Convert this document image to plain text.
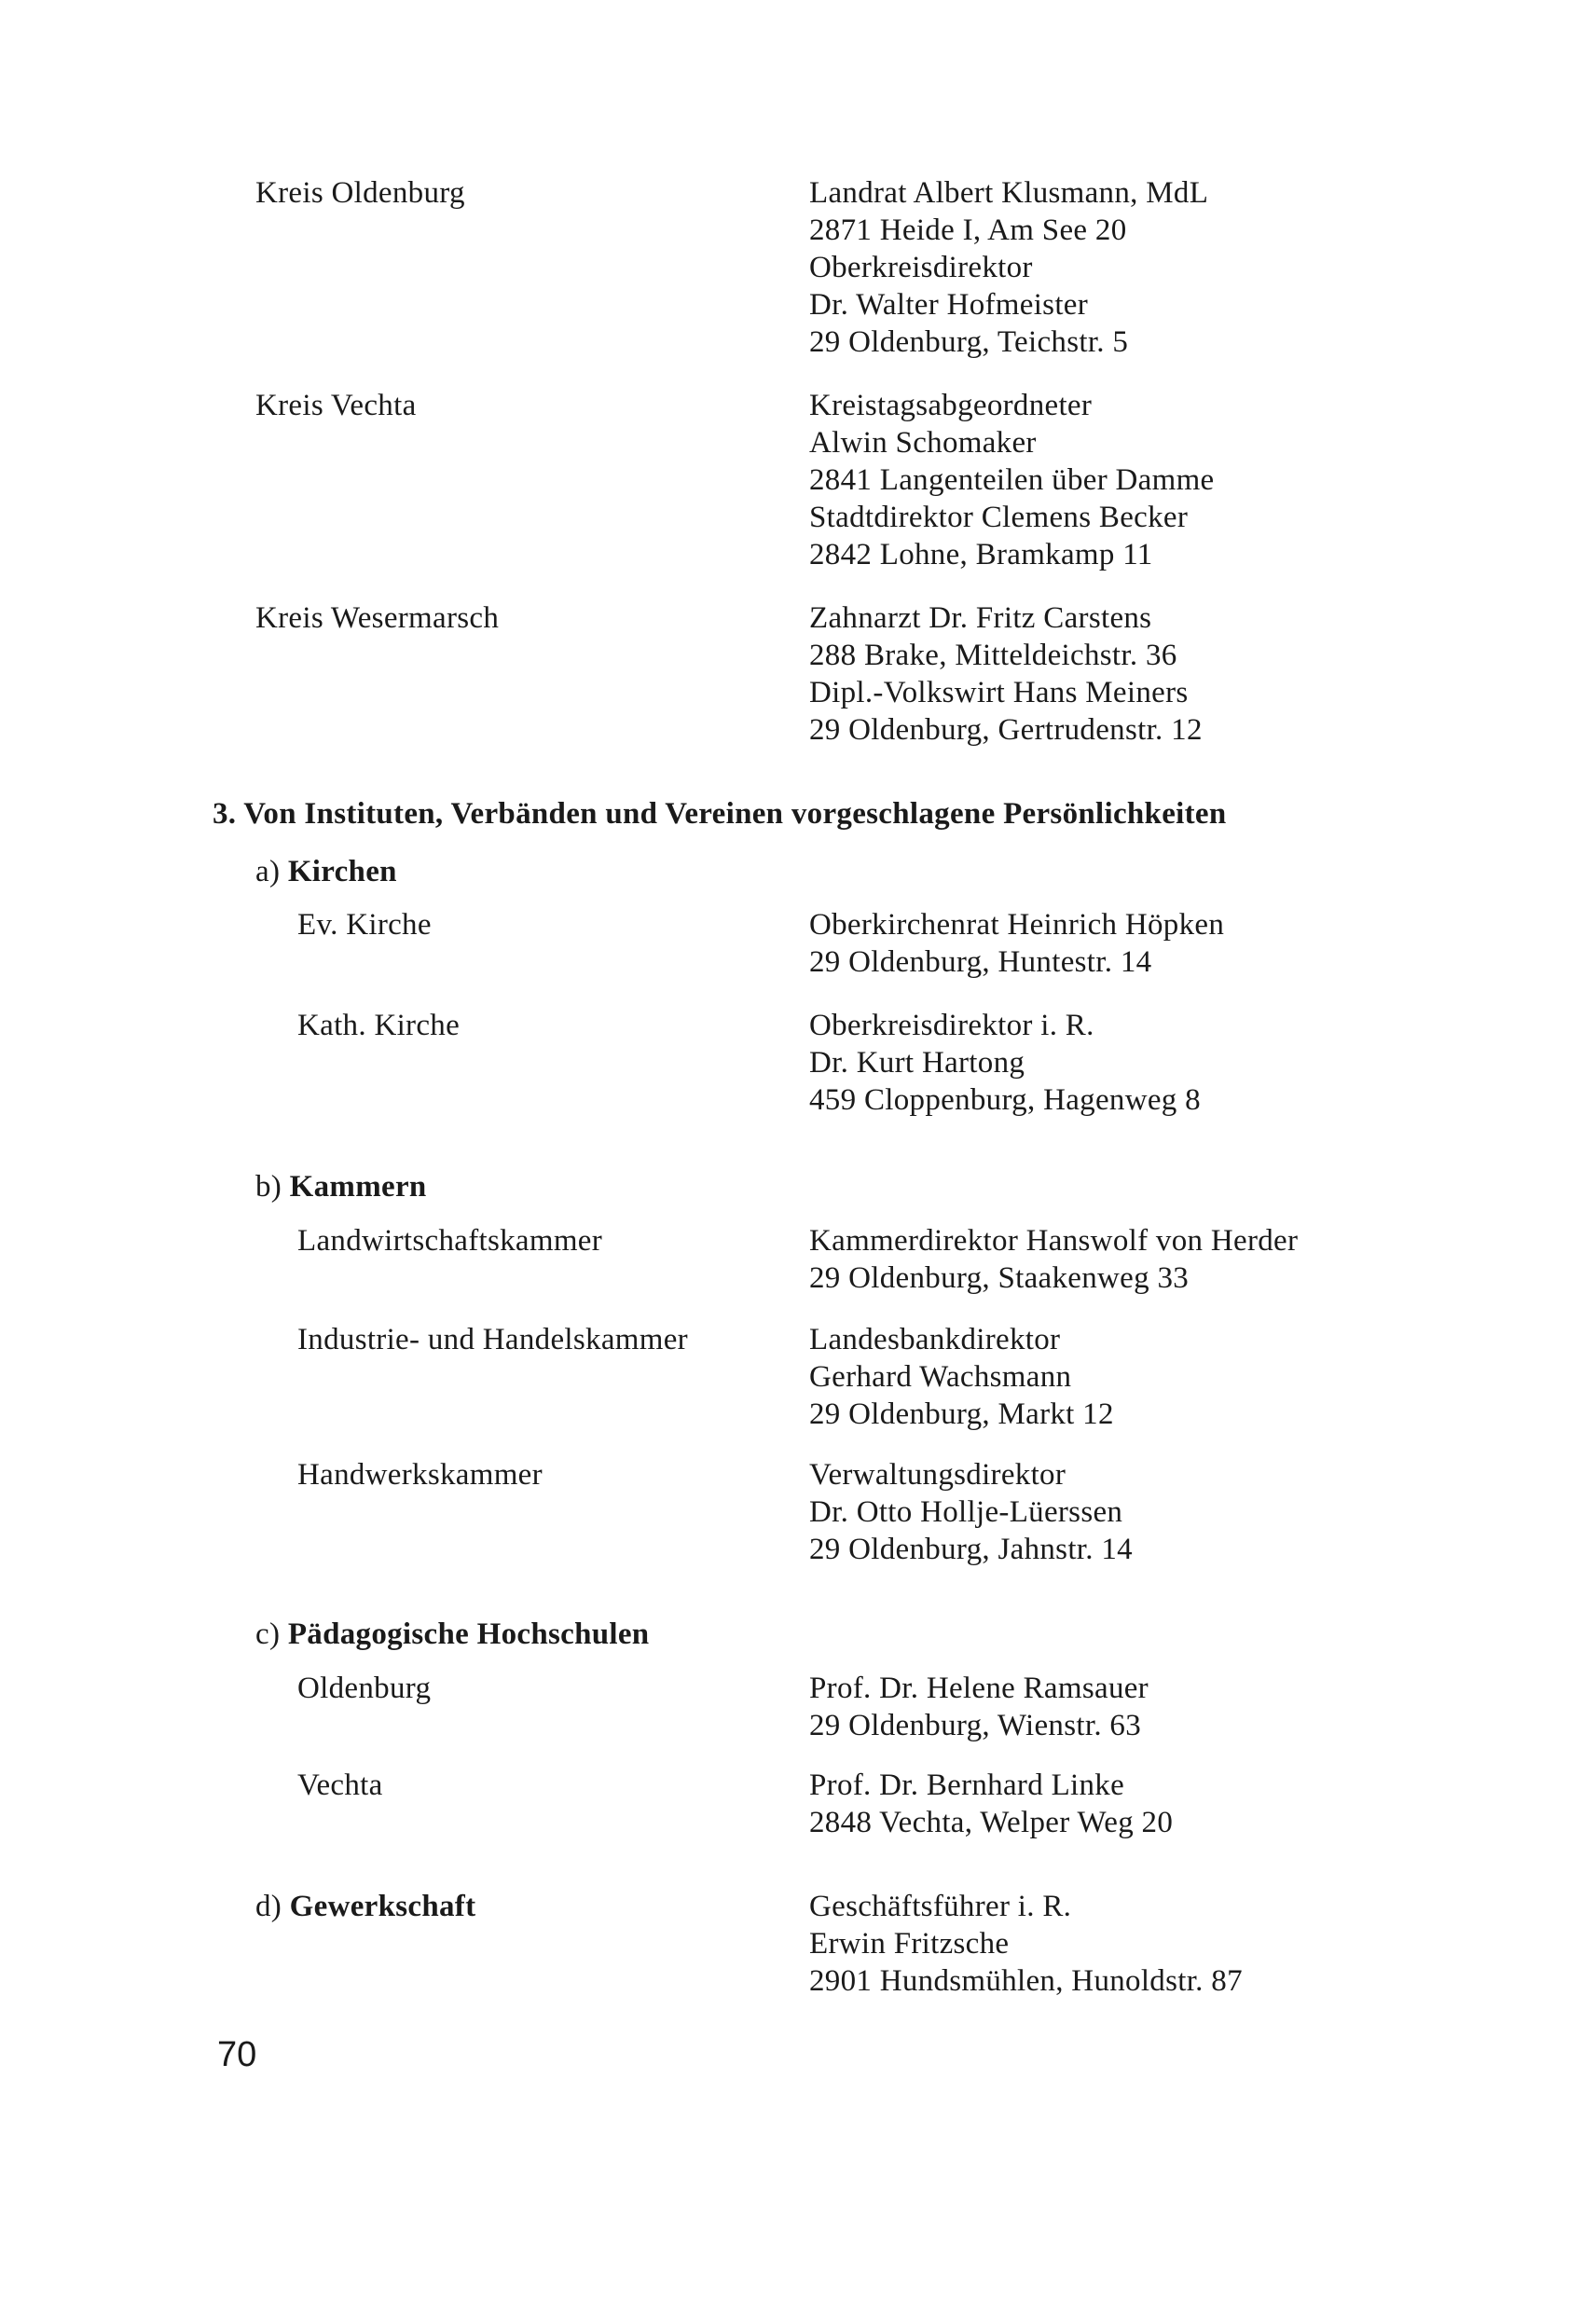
Kreis Oldenburg	Landrat Albert Klusmann, MdL
2871 Heide I, Am See 20
Oberkreisdirektor
Dr. Walter Hofmeister
29 Oldenburg, Teichstr. 5
Kreis Vechta	Kreistagsabgeordneter
Alwin Schomaker
2841 Langenteilen über Damme
Stadtdirektor Clemens Becker
2842 Lohne, Bramkamp 11
Kreis Wesermarsch	Zahnarzt Dr. Fritz Carstens
288 Brake, Mitteldeichstr. 36
Dipl.-Volkswirt Hans Meiners
29 Oldenburg, Gertrudenstr. 12
3. Von Instituten, Verbänden und Vereinen vorgeschlagene Persönlichkeiten
a) Kirchen
Ev. Kirche	Oberkirchenrat Heinrich Höpken
29 Oldenburg, Huntestr. 14
Kath. Kirche	Oberkreisdirektor i. R.
Dr. Kurt Hartong
459 Cloppenburg, Hagenweg 8
b) Kammern
Landwirtschaftskammer	Kammerdirektor Hanswolf von Herder
29 Oldenburg, Staakenweg 33
Industrie- und Handelskammer	Landesbankdirektor
Gerhard Wachsmann
29 Oldenburg, Markt 12
Handwerkskammer	Verwaltungsdirektor
Dr. Otto Hollje-Lüerssen
29 Oldenburg, Jahnstr. 14
c) Pädagogische Hochschulen
Oldenburg	Prof. Dr. Helene Ramsauer
29 Oldenburg, Wienstr. 63
Vechta	Prof. Dr. Bernhard Linke
2848 Vechta, Welper Weg 20
d) Gewerkschaft	Geschäftsführer i. R.
Erwin Fritzsche
2901 Hundsmühlen, Hunoldstr. 87
70
